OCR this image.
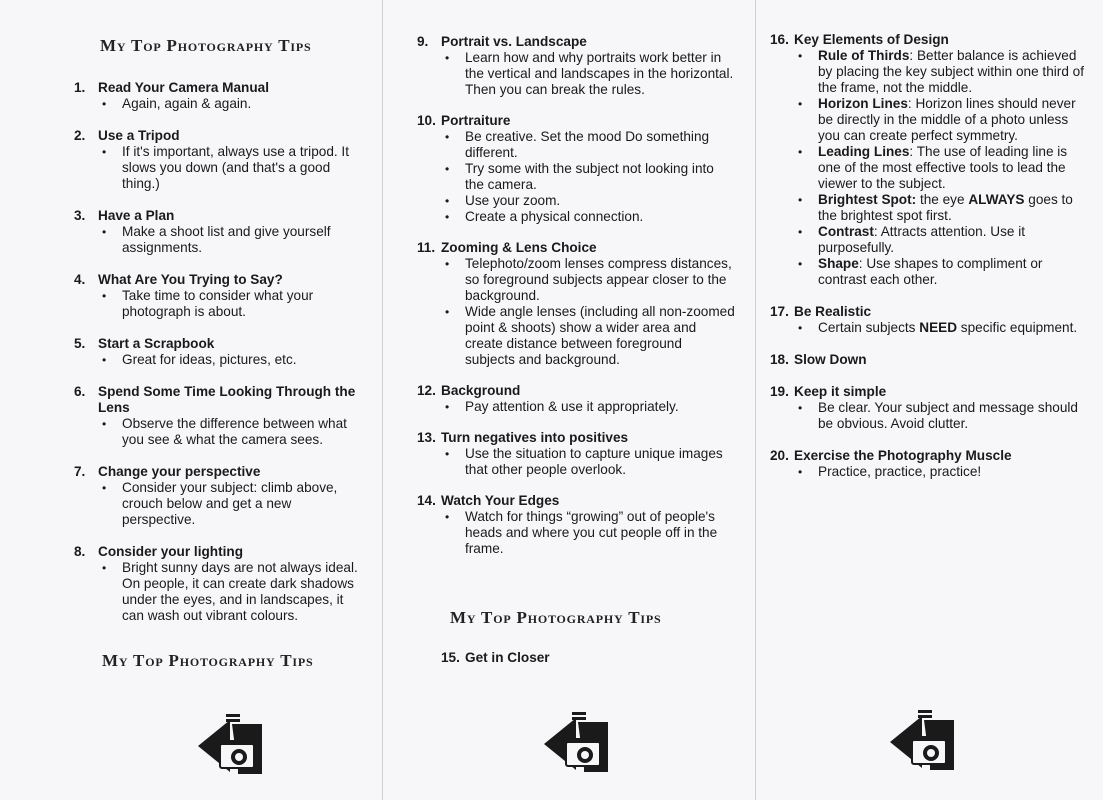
My Top Photography Tips
1. Read Your Camera Manual
• Again, again & again.
2. Use a Tripod
• If it's important, always use a tripod. It slows you down (and that's a good thing.)
3. Have a Plan
• Make a shoot list and give yourself assignments.
4. What Are You Trying to Say?
• Take time to consider what your photograph is about.
5. Start a Scrapbook
• Great for ideas, pictures, etc.
6. Spend Some Time Looking Through the Lens
• Observe the difference between what you see & what the camera sees.
7. Change your perspective
• Consider your subject: climb above, crouch below and get a new perspective.
8. Consider your lighting
• Bright sunny days are not always ideal. On people, it can create dark shadows under the eyes, and in landscapes, it can wash out vibrant colours.
My Top Photography Tips
9. Portrait vs. Landscape
• Learn how and why portraits work better in the vertical and landscapes in the horizontal. Then you can break the rules.
10. Portraiture
• Be creative. Set the mood Do something different.
• Try some with the subject not looking into the camera.
• Use your zoom.
• Create a physical connection.
11. Zooming & Lens Choice
• Telephoto/zoom lenses compress distances, so foreground subjects appear closer to the background.
• Wide angle lenses (including all non-zoomed point & shoots) show a wider area and create distance between foreground subjects and background.
12. Background
• Pay attention & use it appropriately.
13. Turn negatives into positives
• Use the situation to capture unique images that other people overlook.
14. Watch Your Edges
• Watch for things “growing” out of people's heads and where you cut people off in the frame.
My Top Photography Tips
15. Get in Closer
16. Key Elements of Design
• Rule of Thirds: Better balance is achieved by placing the key subject within one third of the frame, not the middle.
• Horizon Lines: Horizon lines should never be directly in the middle of a photo unless you can create perfect symmetry.
• Leading Lines: The use of leading line is one of the most effective tools to lead the viewer to the subject.
• Brightest Spot: the eye ALWAYS goes to the brightest spot first.
• Contrast: Attracts attention. Use it purposefully.
• Shape: Use shapes to compliment or contrast each other.
17. Be Realistic
• Certain subjects NEED specific equipment.
18. Slow Down
19. Keep it simple
• Be clear. Your subject and message should be obvious. Avoid clutter.
20. Exercise the Photography Muscle
• Practice, practice, practice!
